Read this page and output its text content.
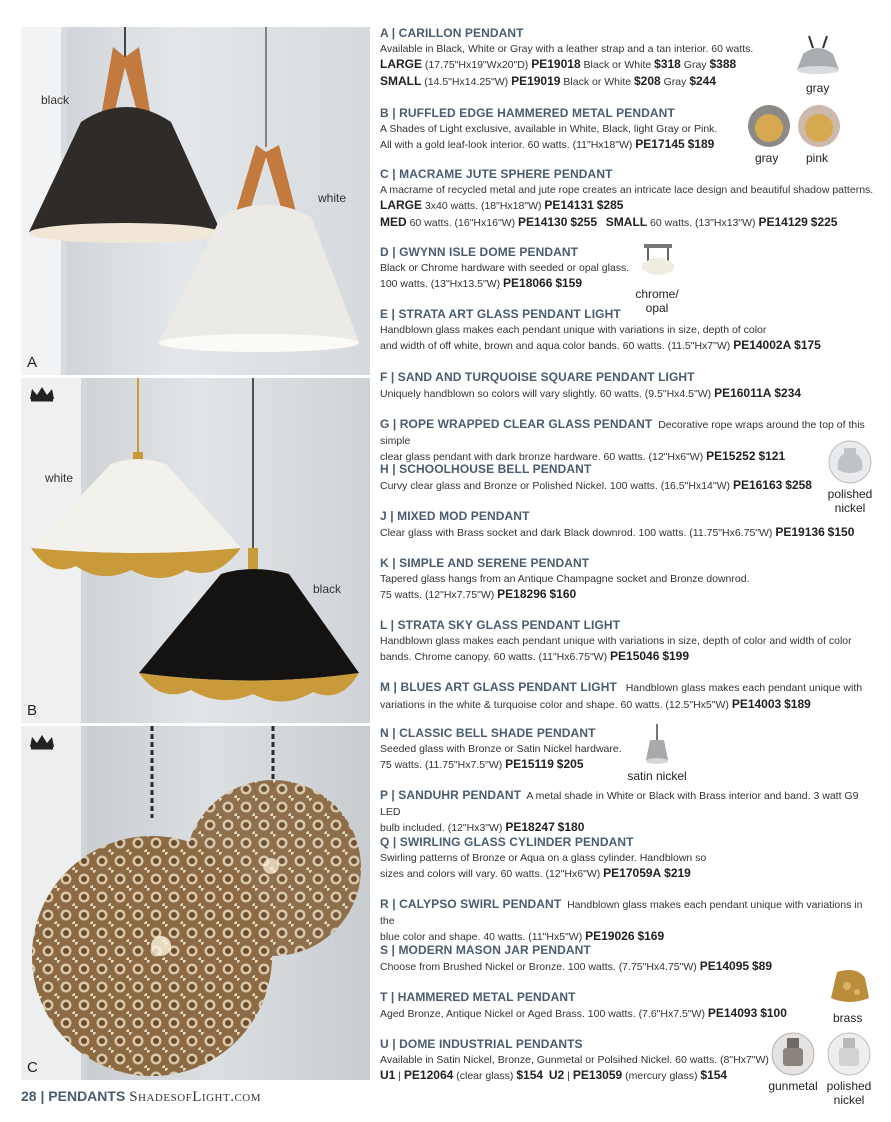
black
white
A
white
black
B
C
A | CARILLON PENDANT
Available in Black, White or Gray with a leather strap and a tan interior. 60 watts.
LARGE (17.75"Hx19"Wx20"D) PE19018 Black or White $318 Gray $388
SMALL (14.5"Hx14.25"W) PE19019 Black or White $208 Gray $244
B | RUFFLED EDGE HAMMERED METAL PENDANT
A Shades of Light exclusive, available in White, Black, light Gray or Pink.
All with a gold leaf-look interior. 60 watts. (11"Hx18"W) PE17145 $189
C | MACRAME JUTE SPHERE PENDANT
A macrame of recycled metal and jute rope creates an intricate lace design and beautiful shadow patterns.
LARGE 3x40 watts. (18"Hx18"W) PE14131 $285
MED 60 watts. (16"Hx16"W) PE14130 $255 SMALL 60 watts. (13"Hx13"W) PE14129 $225
D | GWYNN ISLE DOME PENDANT
Black or Chrome hardware with seeded or opal glass.
100 watts. (13"Hx13.5"W) PE18066 $159
E | STRATA ART GLASS PENDANT LIGHT
Handblown glass makes each pendant unique with variations in size, depth of color
and width of off white, brown and aqua color bands. 60 watts. (11.5"Hx7"W) PE14002A $175
F | SAND AND TURQUOISE SQUARE PENDANT LIGHT
Uniquely handblown so colors will vary slightly. 60 watts. (9.5"Hx4.5"W) PE16011A $234
G | ROPE WRAPPED CLEAR GLASS PENDANT Decorative rope wraps around the top of this simple
clear glass pendant with dark bronze hardware. 60 watts. (12"Hx6"W) PE15252 $121
H | SCHOOLHOUSE BELL PENDANT
Curvy clear glass and Bronze or Polished Nickel. 100 watts. (16.5"Hx14"W) PE16163 $258
J | MIXED MOD PENDANT
Clear glass with Brass socket and dark Black downrod. 100 watts. (11.75"Hx6.75"W) PE19136 $150
K | SIMPLE AND SERENE PENDANT
Tapered glass hangs from an Antique Champagne socket and Bronze downrod.
75 watts. (12"Hx7.75"W) PE18296 $160
L | STRATA SKY GLASS PENDANT LIGHT
Handblown glass makes each pendant unique with variations in size, depth of color and width of color
bands. Chrome canopy. 60 watts. (11"Hx6.75"W) PE15046 $199
M | BLUES ART GLASS PENDANT LIGHT Handblown glass makes each pendant unique with
variations in the white & turquoise color and shape. 60 watts. (12.5"Hx5"W) PE14003 $189
N | CLASSIC BELL SHADE PENDANT
Seeded glass with Bronze or Satin Nickel hardware.
75 watts. (11.75"Hx7.5"W) PE15119 $205
P | SANDUHR PENDANT A metal shade in White or Black with Brass interior and band. 3 watt G9 LED
bulb included. (12"Hx3"W) PE18247 $180
Q | SWIRLING GLASS CYLINDER PENDANT
Swirling patterns of Bronze or Aqua on a glass cylinder. Handblown so
sizes and colors will vary. 60 watts. (12"Hx6"W) PE17059A $219
R | CALYPSO SWIRL PENDANT Handblown glass makes each pendant unique with variations in the
blue color and shape. 40 watts. (11"Hx5"W) PE19026 $169
S | MODERN MASON JAR PENDANT
Choose from Brushed Nickel or Bronze. 100 watts. (7.75"Hx4.75"W) PE14095 $89
T | HAMMERED METAL PENDANT
Aged Bronze, Antique Nickel or Aged Brass. 100 watts. (7.6"Hx7.5"W) PE14093 $100
U | DOME INDUSTRIAL PENDANTS
Available in Satin Nickel, Bronze, Gunmetal or Polsihed Nickel. 60 watts. (8"Hx7"W)
U1 | PE12064 (clear glass) $154 U2 | PE13059 (mercury glass) $154
gray
gray pink
chrome/
opal
polished
nickel
satin nickel
brass
gunmetal polished
nickel
28 | PENDANTS ShadesofLight.com
